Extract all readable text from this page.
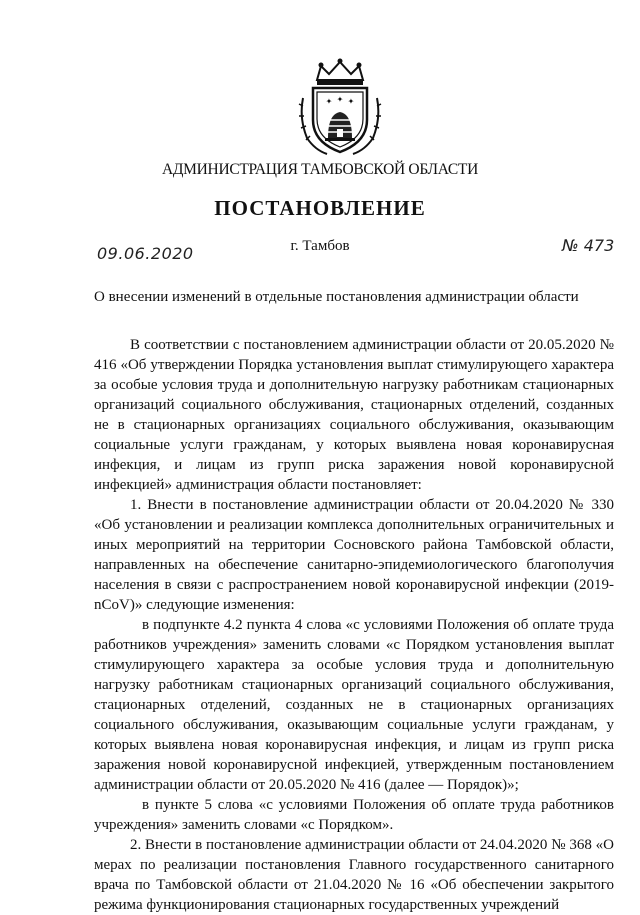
✦ ✦ ✦
АДМИНИСТРАЦИЯ ТАМБОВСКОЙ ОБЛАСТИ
ПОСТАНОВЛЕНИЕ
09.06.2020	г. Тамбов	№ 473
О внесении изменений в отдельные постановления администрации области

В соответствии с постановлением администрации области от 20.05.2020 № 416 «Об утверждении Порядка установления выплат стимулирующего характера за особые условия труда и дополнительную нагрузку работникам стационарных организаций социального обслуживания, стационарных отделений, созданных не в стационарных организациях социального обслуживания, оказывающим социальные услуги гражданам, у которых выявлена новая коронавирусная инфекция, и лицам из групп риска заражения новой коронавирусной инфекцией» администрация области постановляет:

1. Внести в постановление администрации области от 20.04.2020 № 330 «Об установлении и реализации комплекса дополнительных ограничительных и иных мероприятий на территории Сосновского района Тамбовской области, направленных на обеспечение санитарно-эпидемиологического благополучия населения в связи с распространением новой коронавирусной инфекции (2019-nCoV)» следующие изменения:

в подпункте 4.2 пункта 4 слова «с условиями Положения об оплате труда работников учреждения» заменить словами «с Порядком установления выплат стимулирующего характера за особые условия труда и дополнительную нагрузку работникам стационарных организаций социального обслуживания, стационарных отделений, созданных не в стационарных организациях социального обслуживания, оказывающим социальные услуги гражданам, у которых выявлена новая коронавирусная инфекция, и лицам из групп риска заражения новой коронавирусной инфекцией, утвержденным постановлением администрации области от 20.05.2020 № 416 (далее — Порядок)»;

в пункте 5 слова «с условиями Положения об оплате труда работников учреждения» заменить словами «с Порядком».

2. Внести в постановление администрации области от 24.04.2020 № 368 «О мерах по реализации постановления Главного государственного санитарного врача по Тамбовской области от 21.04.2020 № 16 «Об обеспечении закрытого режима функционирования стационарных государственных учреждений
